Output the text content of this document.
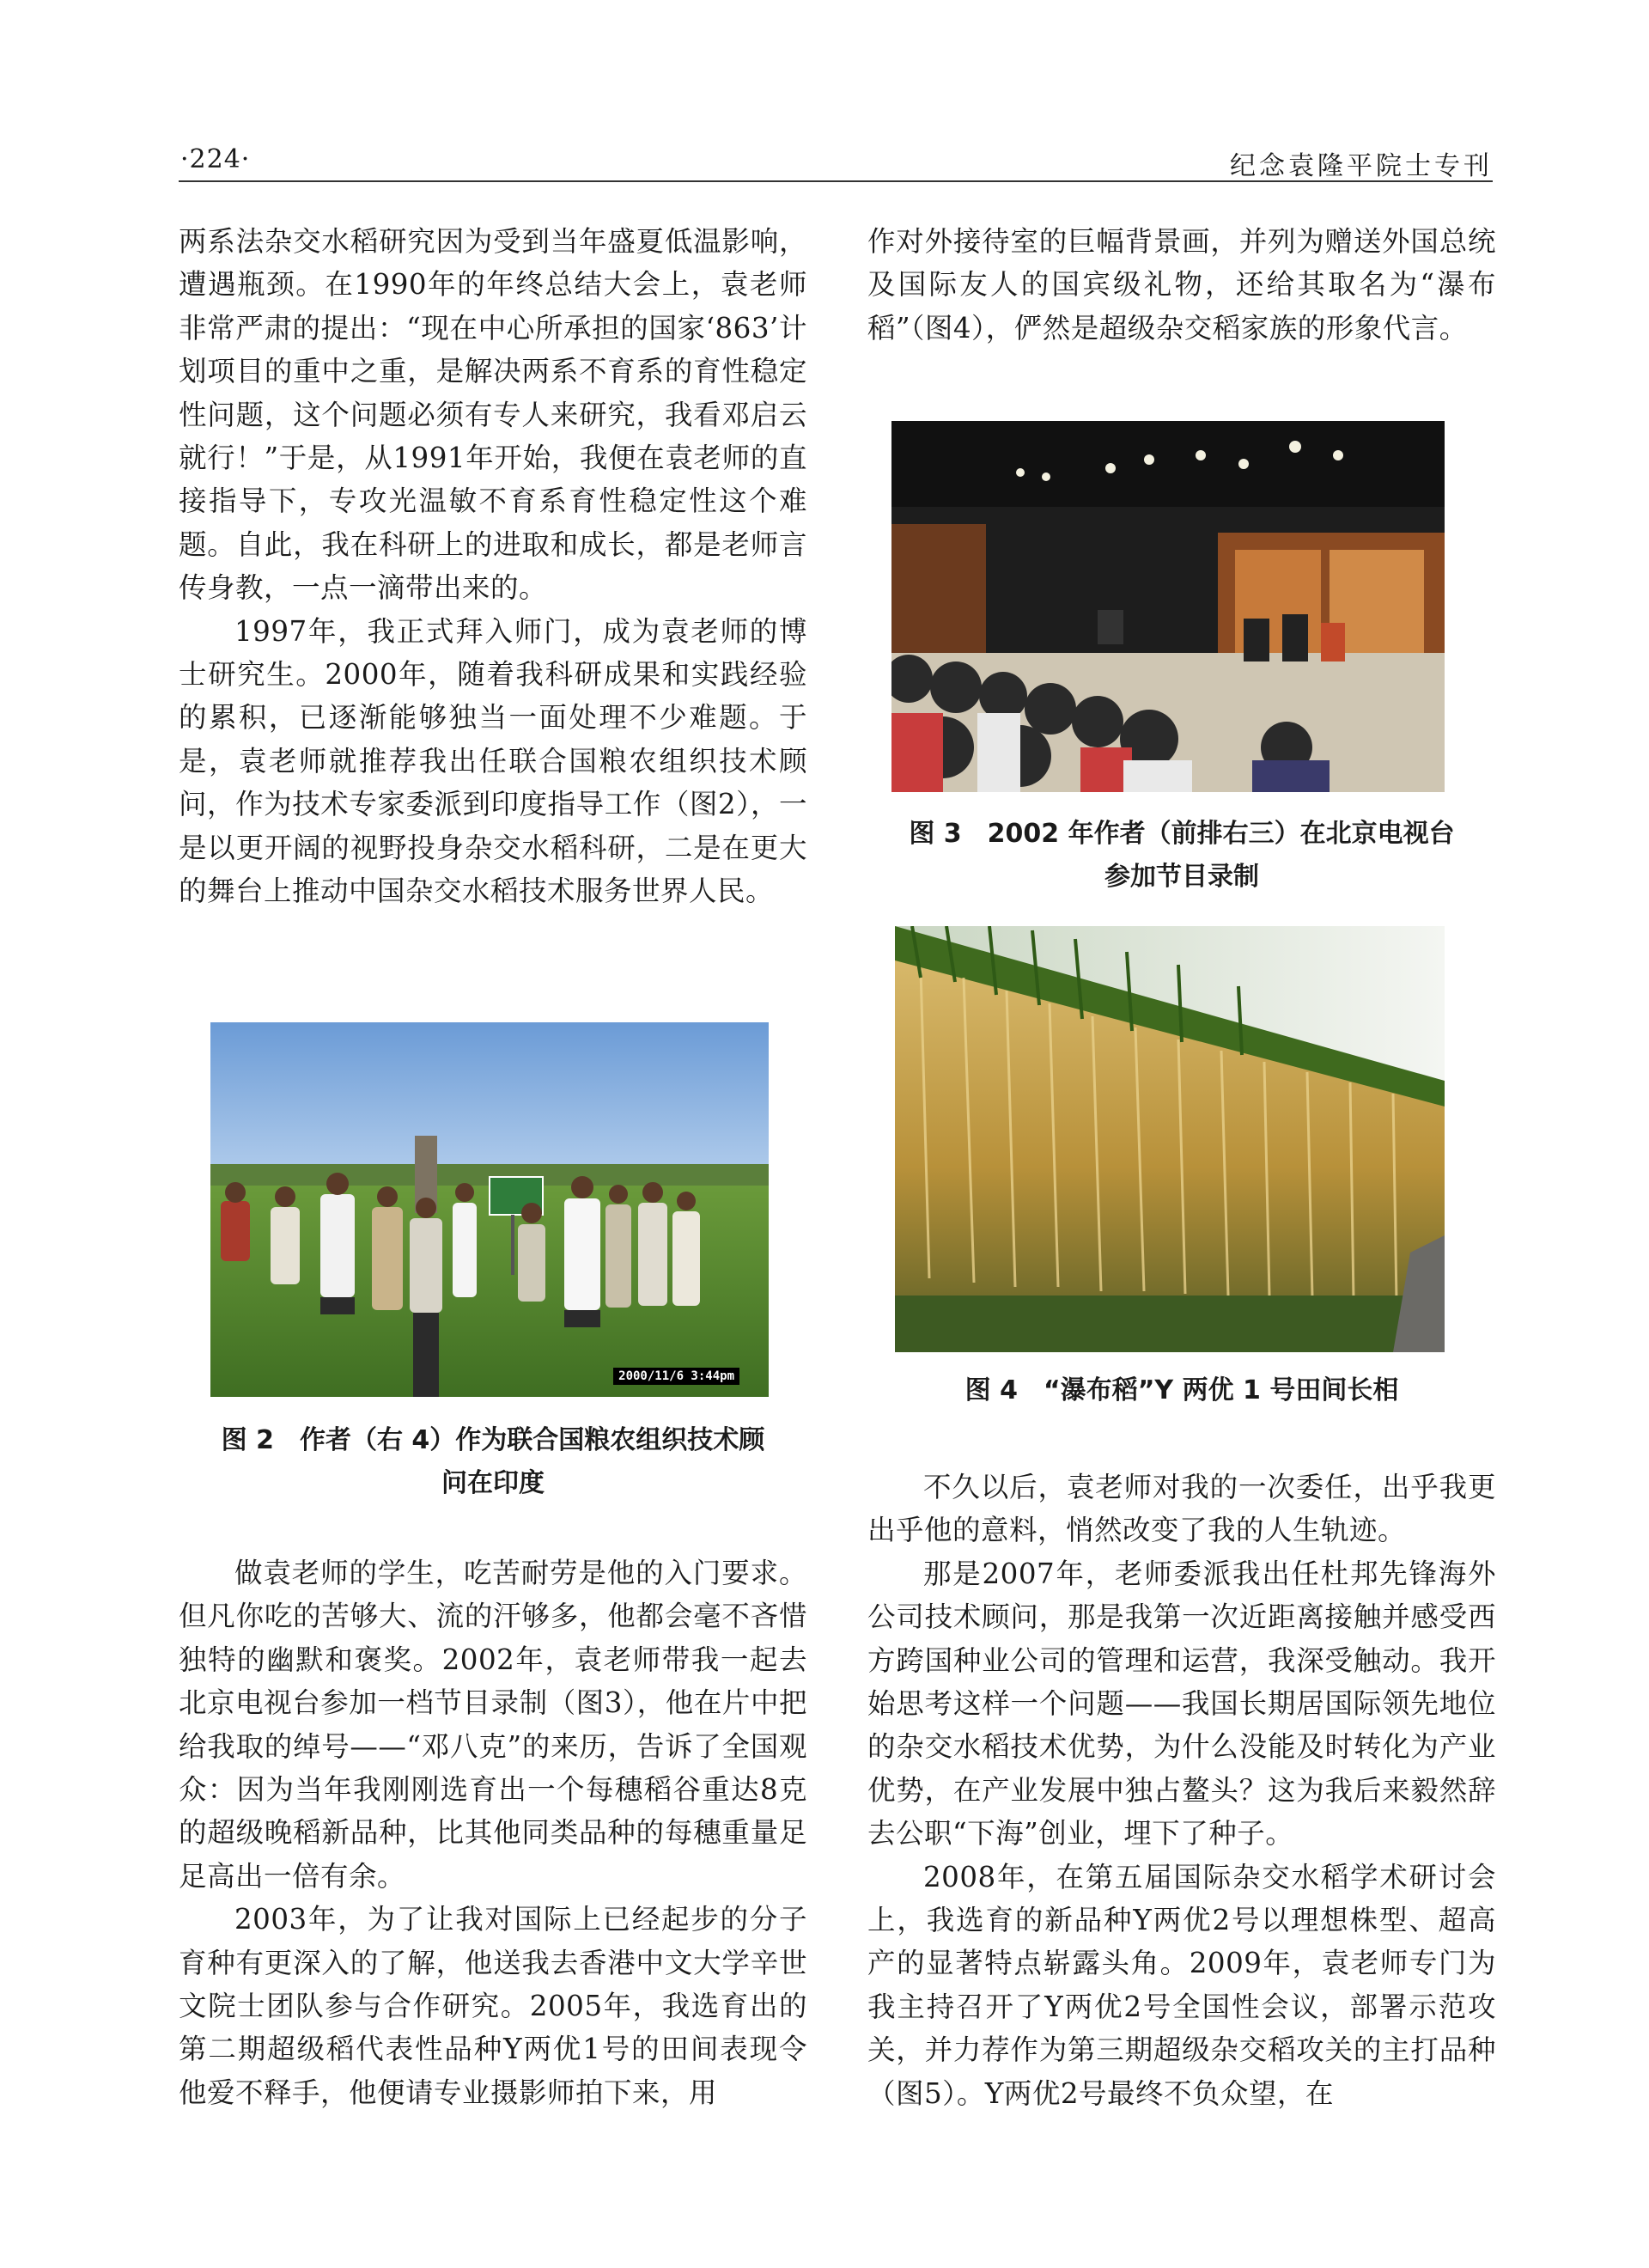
·224·	纪念袁隆平院士专刊

两系法杂交水稻研究因为受到当年盛夏低温影响，遭遇瓶颈。在1990年的年终总结大会上，袁老师非常严肃的提出：“现在中心所承担的国家‘863’计划项目的重中之重，是解决两系不育系的育性稳定性问题，这个问题必须有专人来研究，我看邓启云就行！”于是，从1991年开始，我便在袁老师的直接指导下，专攻光温敏不育系育性稳定性这个难题。自此，我在科研上的进取和成长，都是老师言传身教，一点一滴带出来的。

1997年，我正式拜入师门，成为袁老师的博士研究生。2000年，随着我科研成果和实践经验的累积，已逐渐能够独当一面处理不少难题。于是，袁老师就推荐我出任联合国粮农组织技术顾问，作为技术专家委派到印度指导工作（图2），一是以更开阔的视野投身杂交水稻科研，二是在更大的舞台上推动中国杂交水稻技术服务世界人民。

2000/11/6 3:44pm
图 2　作者（右 4）作为联合国粮农组织技术顾
问在印度

做袁老师的学生，吃苦耐劳是他的入门要求。但凡你吃的苦够大、流的汗够多，他都会毫不吝惜独特的幽默和褒奖。2002年，袁老师带我一起去北京电视台参加一档节目录制（图3），他在片中把给我取的绰号——“邓八克”的来历，告诉了全国观众：因为当年我刚刚选育出一个每穗稻谷重达8克的超级晚稻新品种，比其他同类品种的每穗重量足足高出一倍有余。

2003年，为了让我对国际上已经起步的分子育种有更深入的了解，他送我去香港中文大学辛世文院士团队参与合作研究。2005年，我选育出的第二期超级稻代表性品种Y两优1号的田间表现令他爱不释手，他便请专业摄影师拍下来，用

作对外接待室的巨幅背景画，并列为赠送外国总统及国际友人的国宾级礼物，还给其取名为“瀑布稻”（图4），俨然是超级杂交稻家族的形象代言。

图 3　2002 年作者（前排右三）在北京电视台
参加节目录制
图 4　“瀑布稻”Y 两优 1 号田间长相

不久以后，袁老师对我的一次委任，出乎我更出乎他的意料，悄然改变了我的人生轨迹。

那是2007年，老师委派我出任杜邦先锋海外公司技术顾问，那是我第一次近距离接触并感受西方跨国种业公司的管理和运营，我深受触动。我开始思考这样一个问题——我国长期居国际领先地位的杂交水稻技术优势，为什么没能及时转化为产业优势，在产业发展中独占鳌头？这为我后来毅然辞去公职“下海”创业，埋下了种子。

2008年，在第五届国际杂交水稻学术研讨会上，我选育的新品种Y两优2号以理想株型、超高产的显著特点崭露头角。2009年，袁老师专门为我主持召开了Y两优2号全国性会议，部署示范攻关，并力荐作为第三期超级杂交稻攻关的主打品种（图5）。Y两优2号最终不负众望，在
